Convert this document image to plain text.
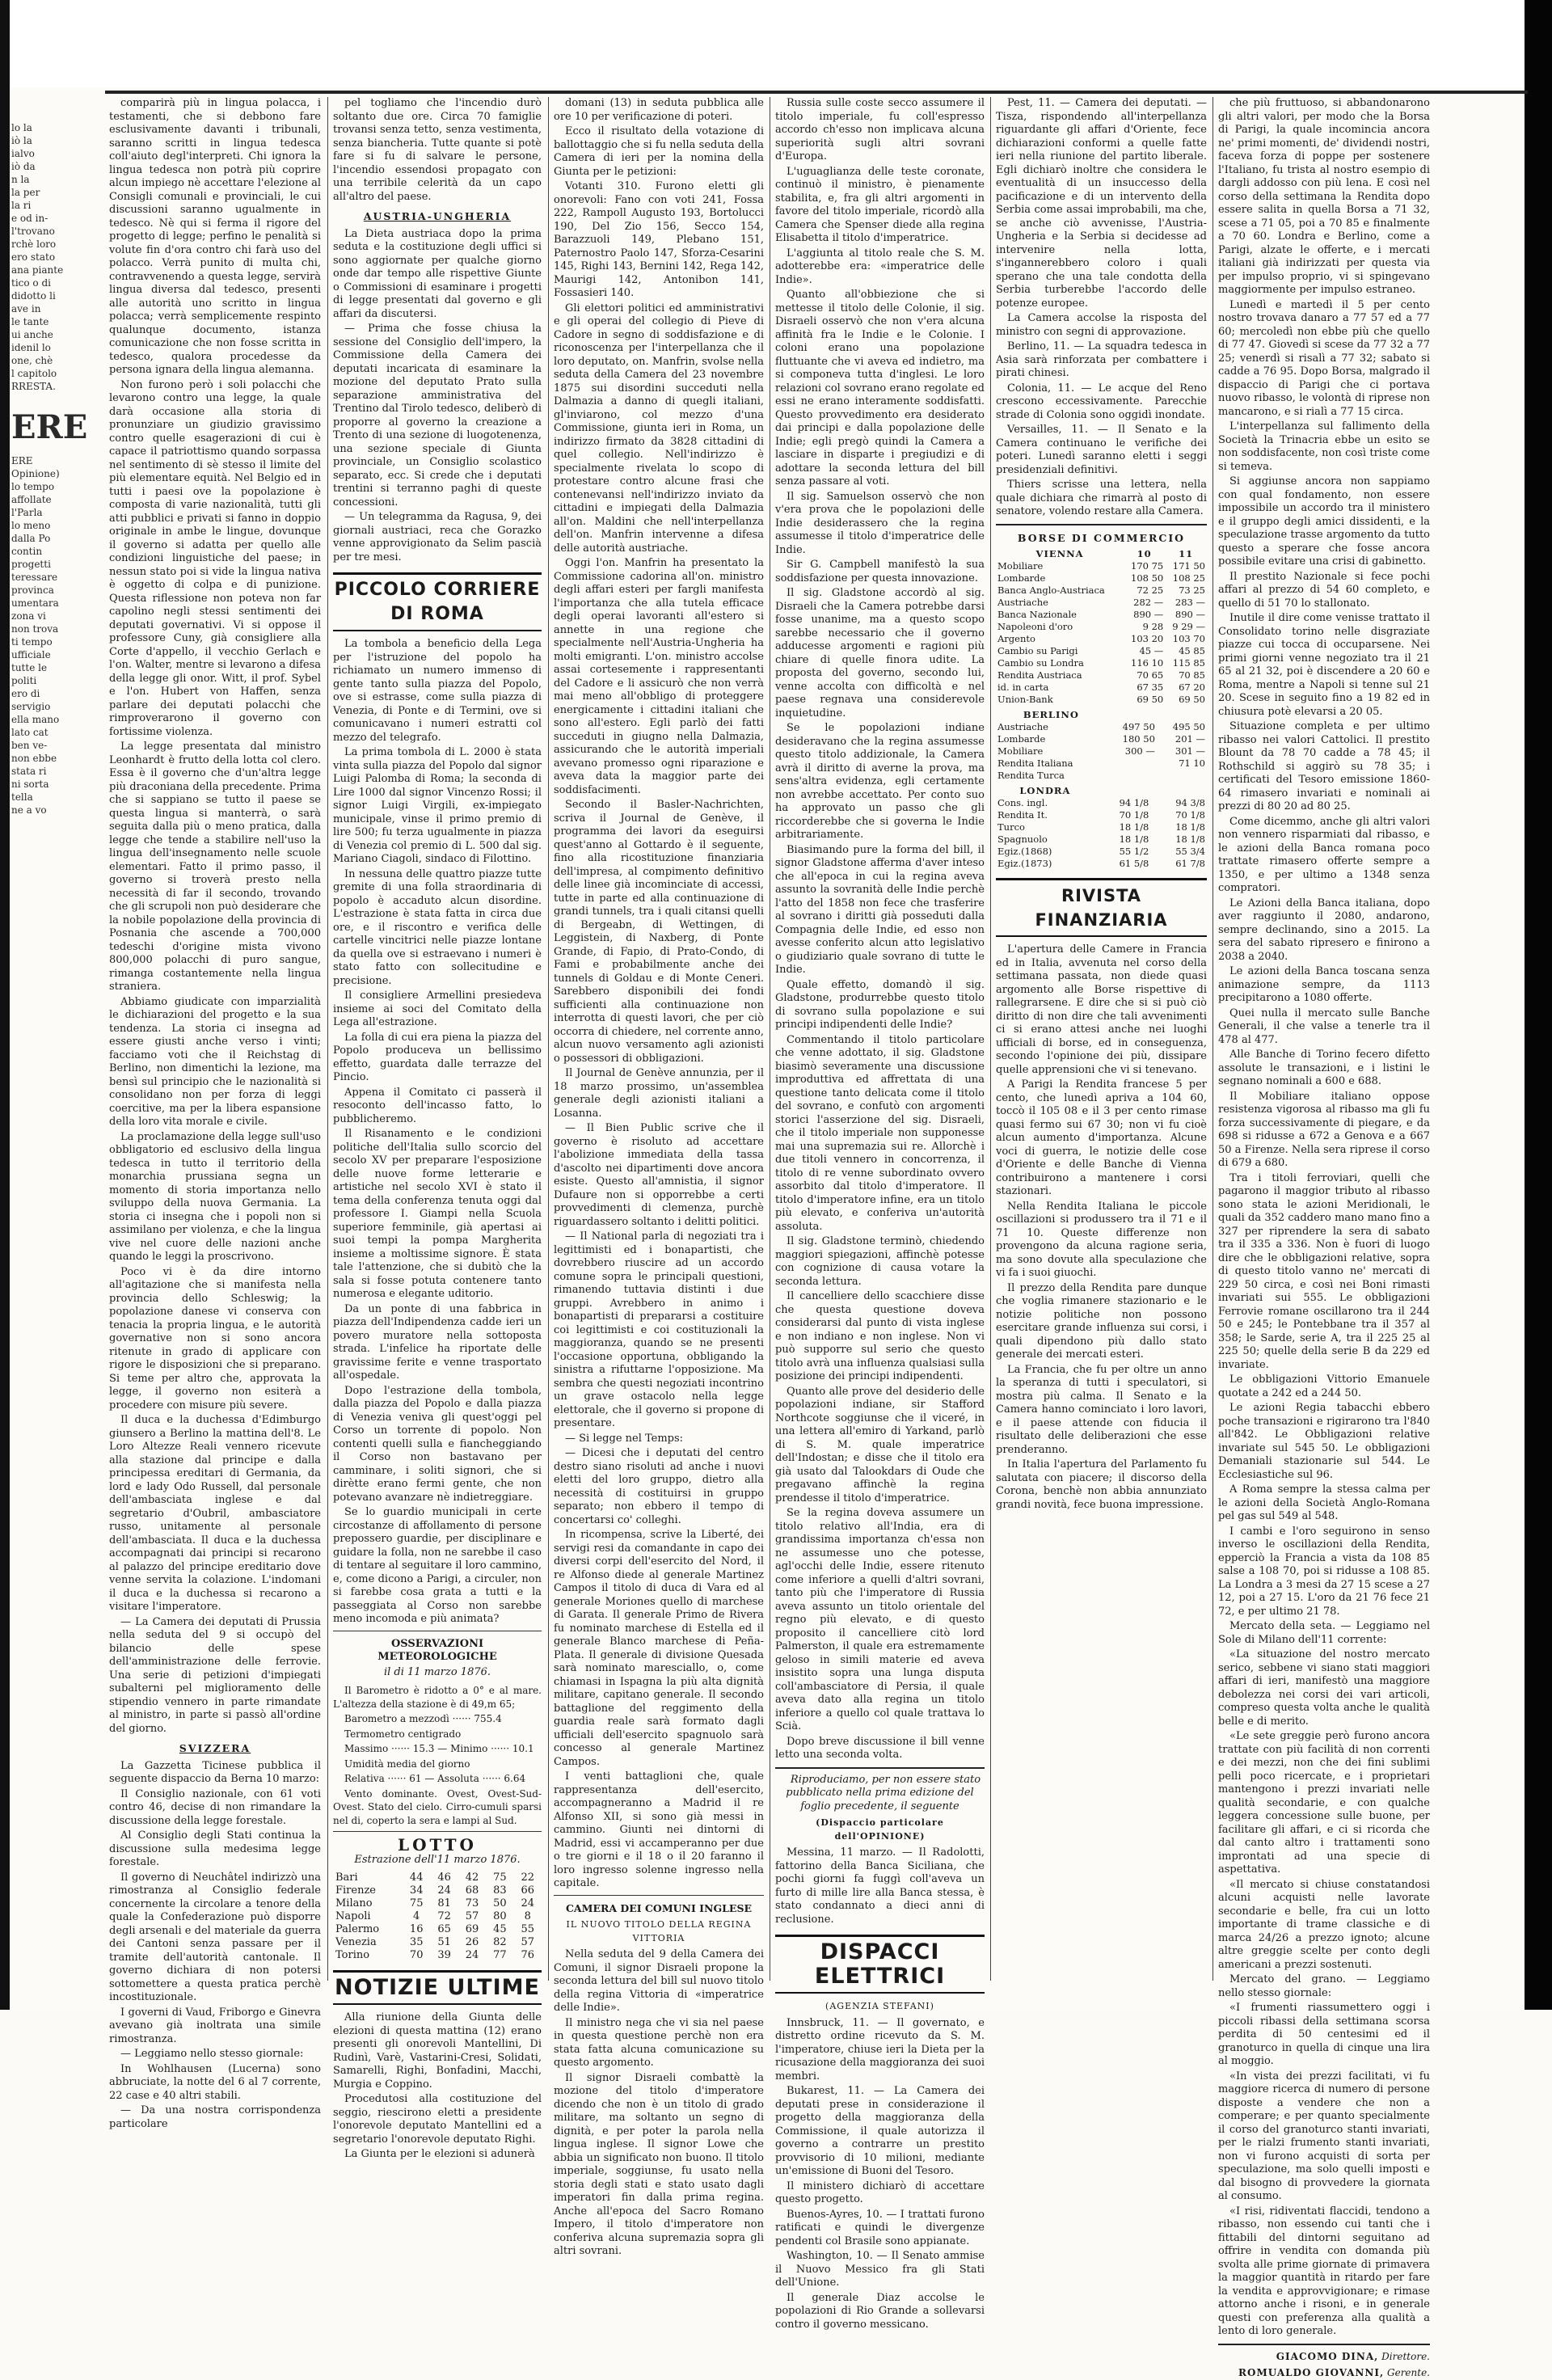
lo la
iò la
ialvo
iò da
n la
la per
la ri
e od in-
l'trovano
rchè loro
ero stato
ana piante
tico o di
didotto li
ave in
le tante
ui anche
idenil lo
one, chè
l capitolo
RRESTA.
ERE
ERE
Opinione)
lo tempo
affollate
l'Parla
lo meno
dalla Po
contin
progetti
teressare
provinca
umentara
zona vi
non trova
ti tempo
ufficiale
tutte le
politi
ero di
servigio
ella mano
lato cat
ben ve-
non ebbe
stata ri
ni sorta
tella
ne a vo

comparirà più in lingua polacca, i testamenti, che si debbono fare esclusivamente davanti i tribunali, saranno scritti in lingua tedesca coll'aiuto degl'interpreti. Chi ignora la lingua tedesca non potrà più coprire alcun impiego nè accettare l'elezione al Consigli comunali e provinciali, le cui discussioni saranno ugualmente in tedesco. Nè qui si ferma il rigore del progetto di legge; perfino le penalità si volute fin d'ora contro chi farà uso del polacco. Verrà punito di multa chi, contravvenendo a questa legge, servirà lingua diversa dal tedesco, presenti alle autorità uno scritto in lingua polacca; verrà semplicemente respinto qualunque documento, istanza comunicazione che non fosse scritta in tedesco, qualora procedesse da persona ignara della lingua alemanna.

Non furono però i soli polacchi che levarono contro una legge, la quale darà occasione alla storia di pronunziare un giudizio gravissimo contro quelle esagerazioni di cui è capace il patriottismo quando sorpassa nel sentimento di sè stesso il limite del più elementare equità. Nel Belgio ed in tutti i paesi ove la popolazione è composta di varie nazionalità, tutti gli atti pubblici e privati si fanno in doppio originale in ambe le lingue, dovunque il governo si adatta per quello alle condizioni linguistiche del paese; in nessun stato poi si vide la lingua nativa è oggetto di colpa e di punizione. Questa riflessione non poteva non far capolino negli stessi sentimenti dei deputati governativi. Vi si oppose il professore Cuny, già consigliere alla Corte d'appello, il vecchio Gerlach e l'on. Walter, mentre si levarono a difesa della legge gli onor. Witt, il prof. Sybel e l'on. Hubert von Haffen, senza parlare dei deputati polacchi che rimproverarono il governo con fortissime violenza.

La legge presentata dal ministro Leonhardt è frutto della lotta col clero. Essa è il governo che d'un'altra legge più draconiana della precedente. Prima che si sappiano se tutto il paese se questa lingua si manterrà, o sarà seguita dalla più o meno pratica, dalla legge che tende a stabilire nell'uso la lingua dell'insegnamento nelle scuole elementari. Fatto il primo passo, il governo si troverà presto nella necessità di far il secondo, trovando che gli scrupoli non può desiderare che la nobile popolazione della provincia di Posnania che ascende a 700,000 tedeschi d'origine mista vivono 800,000 polacchi di puro sangue, rimanga costantemente nella lingua straniera.

Abbiamo giudicate con imparzialità le dichiarazioni del progetto e la sua tendenza. La storia ci insegna ad essere giusti anche verso i vinti; facciamo voti che il Reichstag di Berlino, non dimentichi la lezione, ma bensì sul principio che le nazionalità si consolidano non per forza di leggi coercitive, ma per la libera espansione della loro vita morale e civile.

La proclamazione della legge sull'uso obbligatorio ed esclusivo della lingua tedesca in tutto il territorio della monarchia prussiana segna un momento di storia importanza nello sviluppo della nuova Germania. La storia ci insegna che i popoli non si assimilano per violenza, e che la lingua vive nel cuore delle nazioni anche quando le leggi la proscrivono.

Poco vi è da dire intorno all'agitazione che si manifesta nella provincia dello Schleswig; la popolazione danese vi conserva con tenacia la propria lingua, e le autorità governative non si sono ancora ritenute in grado di applicare con rigore le disposizioni che si preparano. Si teme per altro che, approvata la legge, il governo non esiterà a procedere con misure più severe.

Il duca e la duchessa d'Edimburgo giunsero a Berlino la mattina dell'8. Le Loro Altezze Reali vennero ricevute alla stazione dal principe e dalla principessa ereditari di Germania, da lord e lady Odo Russell, dal personale dell'ambasciata inglese e dal segretario d'Oubril, ambasciatore russo, unitamente al personale dell'ambasciata. Il duca e la duchessa accompagnati dai principi si recarono al palazzo del principe ereditario dove venne servita la colazione. L'indomani il duca e la duchessa si recarono a visitare l'imperatore.

— La Camera dei deputati di Prussia nella seduta del 9 si occupò del bilancio delle spese dell'amministrazione delle ferrovie. Una serie di petizioni d'impiegati subalterni pel miglioramento delle stipendio vennero in parte rimandate al ministro, in parte si passò all'ordine del giorno.

SVIZZERA

La Gazzetta Ticinese pubblica il seguente dispaccio da Berna 10 marzo:

Il Consiglio nazionale, con 61 voti contro 46, decise di non rimandare la discussione della legge forestale.

Al Consiglio degli Stati continua la discussione sulla medesima legge forestale.

Il governo di Neuchâtel indirizzò una rimostranza al Consiglio federale concernente la circolare a tenore della quale la Confederazione può disporre degli arsenali e del materiale da guerra dei Cantoni senza passare per il tramite dell'autorità cantonale. Il governo dichiara di non potersi sottomettere a questa pratica perchè incostituzionale.

I governi di Vaud, Friborgo e Ginevra avevano già inoltrata una simile rimostranza.

— Leggiamo nello stesso giornale:

In Wohlhausen (Lucerna) sono abbruciate, la notte del 6 al 7 corrente, 22 case e 40 altri stabili.

— Da una nostra corrispondenza particolare

pel togliamo che l'incendio durò soltanto due ore. Circa 70 famiglie trovansi senza tetto, senza vestimenta, senza biancheria. Tutte quante si potè fare si fu di salvare le persone, l'incendio essendosi propagato con una terribile celerità da un capo all'altro del paese.

AUSTRIA-UNGHERIA

La Dieta austriaca dopo la prima seduta e la costituzione degli uffici si sono aggiornate per qualche giorno onde dar tempo alle rispettive Giunte o Commissioni di esaminare i progetti di legge presentati dal governo e gli affari da discutersi.

— Prima che fosse chiusa la sessione del Consiglio dell'impero, la Commissione della Camera dei deputati incaricata di esaminare la mozione del deputato Prato sulla separazione amministrativa del Trentino dal Tirolo tedesco, deliberò di proporre al governo la creazione a Trento di una sezione di luogotenenza, una sezione speciale di Giunta provinciale, un Consiglio scolastico separato, ecc. Si crede che i deputati trentini si terranno paghi di queste concessioni.

— Un telegramma da Ragusa, 9, dei giornali austriaci, reca che Gorazko venne approvigionato da Selim pascià per tre mesi.

PICCOLO CORRIERE DI ROMA

La tombola a beneficio della Lega per l'istruzione del popolo ha richiamato un numero immenso di gente tanto sulla piazza del Popolo, ove si estrasse, come sulla piazza di Venezia, di Ponte e di Termini, ove si comunicavano i numeri estratti col mezzo del telegrafo.

La prima tombola di L. 2000 è stata vinta sulla piazza del Popolo dal signor Luigi Palomba di Roma; la seconda di Lire 1000 dal signor Vincenzo Rossi; il signor Luigi Virgili, ex-impiegato municipale, vinse il primo premio di lire 500; fu terza ugualmente in piazza di Venezia col premio di L. 500 dal sig. Mariano Ciagoli, sindaco di Filottino.

In nessuna delle quattro piazze tutte gremite di una folla straordinaria di popolo è accaduto alcun disordine. L'estrazione è stata fatta in circa due ore, e il riscontro e verifica delle cartelle vincitrici nelle piazze lontane da quella ove si estraevano i numeri è stato fatto con sollecitudine e precisione.

Il consigliere Armellini presiedeva insieme ai soci del Comitato della Lega all'estrazione.

La folla di cui era piena la piazza del Popolo produceva un bellissimo effetto, guardata dalle terrazze del Pincio.

Appena il Comitato ci passerà il resoconto dell'incasso fatto, lo pubblicheremo.

Il Risanamento e le condizioni politiche dell'Italia sullo scorcio del secolo XV per preparare l'esposizione delle nuove forme letterarie e artistiche nel secolo XVI è stato il tema della conferenza tenuta oggi dal professore I. Giampi nella Scuola superiore femminile, già apertasi ai suoi tempi la pompa Margherita insieme a moltissime signore. È stata tale l'attenzione, che si dubitò che la sala si fosse potuta contenere tanto numerosa e elegante uditorio.

Da un ponte di una fabbrica in piazza dell'Indipendenza cadde ieri un povero muratore nella sottoposta strada. L'infelice ha riportate delle gravissime ferite e venne trasportato all'ospedale.

Dopo l'estrazione della tombola, dalla piazza del Popolo e dalla piazza di Venezia veniva gli quest'oggi pel Corso un torrente di popolo. Non contenti quelli sulla e fiancheggiando il Corso non bastavano per camminare, i soliti signori, che si dirètte erano fermi gente, che non potevano avanzare nè indietreggiare.

Se lo guardio municipali in certe circostanze di affollamento di persone prepossero guardie, per disciplinare e guidare la folla, non ne sarebbe il caso di tentare al seguitare il loro cammino, e, come dicono a Parigi, a circuler, non si farebbe cosa grata a tutti e la passeggiata al Corso non sarebbe meno incomoda e più animata?

OSSERVAZIONI METEOROLOGICHE
il di 11 marzo 1876.

Il Barometro è ridotto a 0° e al mare. L'altezza della stazione è di 49,m 65;

Barometro a mezzodì ······ 755.4

Termometro centigrado

Massimo ······ 15.3 — Minimo ······ 10.1

Umidità media del giorno

Relativa ······ 61 — Assoluta ······ 6.64

Vento dominante. Ovest, Ovest-Sud-Ovest. Stato del cielo. Cirro-cumuli sparsi nel di, coperto la sera e lampi al Sud.

LOTTO
Estrazione dell'11 marzo 1876.
Bari	44	46	42	75	22
Firenze	34	24	68	83	66
Milano	75	81	73	50	24
Napoli	4	72	57	80	8
Palermo	16	65	69	45	55
Venezia	35	51	26	82	57
Torino	70	39	24	77	76
NOTIZIE ULTIME

Alla riunione della Giunta delle elezioni di questa mattina (12) erano presenti gli onorevoli Mantellini, Di Rudinì, Varè, Vastarini-Cresi, Solidati, Samarelli, Righi, Bonfadini, Macchi, Murgia e Coppino.

Procedutosi alla costituzione del seggio, riescirono eletti a presidente l'onorevole deputato Mantellini ed a segretario l'onorevole deputato Righi.

La Giunta per le elezioni si adunerà

domani (13) in seduta pubblica alle ore 10 per verificazione di poteri.

Ecco il risultato della votazione di ballottaggio che si fu nella seduta della Camera di ieri per la nomina della Giunta per le petizioni:

Votanti 310. Furono eletti gli onorevoli: Fano con voti 241, Fossa 222, Rampoll Augusto 193, Bortolucci 190, Del Zio 156, Secco 154, Barazzuoli 149, Plebano 151, Paternostro Paolo 147, Sforza-Cesarini 145, Righi 143, Bernini 142, Rega 142, Maurigi 142, Antonibon 141, Fossasieri 140.

Gli elettori politici ed amministrativi e gli operai del collegio di Pieve di Cadore in segno di soddisfazione e di riconoscenza per l'interpellanza che il loro deputato, on. Manfrin, svolse nella seduta della Camera del 23 novembre 1875 sui disordini succeduti nella Dalmazia a danno di quegli italiani, gl'inviarono, col mezzo d'una Commissione, giunta ieri in Roma, un indirizzo firmato da 3828 cittadini di quel collegio. Nell'indirizzo è specialmente rivelata lo scopo di protestare contro alcune frasi che contenevansi nell'indirizzo inviato da cittadini e impiegati della Dalmazia all'on. Maldini che nell'interpellanza dell'on. Manfrin intervenne a difesa delle autorità austriache.

Oggi l'on. Manfrin ha presentato la Commissione cadorina all'on. ministro degli affari esteri per fargli manifesta l'importanza che alla tutela efficace degli operai lavoranti all'estero si annette in una regione che specialmente nell'Austria-Ungheria ha molti emigranti. L'on. ministro accolse assai cortesemente i rappresentanti del Cadore e li assicurò che non verrà mai meno all'obbligo di proteggere energicamente i cittadini italiani che sono all'estero. Egli parlò dei fatti succeduti in giugno nella Dalmazia, assicurando che le autorità imperiali avevano promesso ogni riparazione e aveva data la maggior parte dei soddisfacimenti.

Secondo il Basler-Nachrichten, scriva il Journal de Genève, il programma dei lavori da eseguirsi quest'anno al Gottardo è il seguente, fino alla ricostituzione finanziaria dell'impresa, al compimento definitivo delle linee già incominciate di accessi, tutte in parte ed alla continuazione di grandi tunnels, tra i quali citansi quelli di Bergeabn, di Wettingen, di Leggistein, di Naxberg, di Ponte Grande, di Fapio, di Prato-Condo, di Fami e probabilmente anche dei tunnels di Goldau e di Monte Ceneri. Sarebbero disponibili dei fondi sufficienti alla continuazione non interrotta di questi lavori, che per ciò occorra di chiedere, nel corrente anno, alcun nuovo versamento agli azionisti o possessori di obbligazioni.

Il Journal de Genève annunzia, per il 18 marzo prossimo, un'assemblea generale degli azionisti italiani a Losanna.

— Il Bien Public scrive che il governo è risoluto ad accettare l'abolizione immediata della tassa d'ascolto nei dipartimenti dove ancora esiste. Questo all'amnistia, il signor Dufaure non si opporrebbe a certi provvedimenti di clemenza, purchè riguardassero soltanto i delitti politici.

— Il National parla di negoziati tra i legittimisti ed i bonapartisti, che dovrebbero riuscire ad un accordo comune sopra le principali questioni, rimanendo tuttavia distinti i due gruppi. Avrebbero in animo i bonapartisti di prepararsi a costituire coi legittimisti e coi costituzionali la maggioranza, quando se ne presenti l'occasione opportuna, obbligando la sinistra a rifuttarne l'opposizione. Ma sembra che questi negoziati incontrino un grave ostacolo nella legge elettorale, che il governo si propone di presentare.

— Si legge nel Temps:

— Dicesi che i deputati del centro destro siano risoluti ad anche i nuovi eletti del loro gruppo, dietro alla necessità di costituirsi in gruppo separato; non ebbero il tempo di concertarsi co' colleghi.

In ricompensa, scrive la Liberté, dei servigi resi da comandante in capo dei diversi corpi dell'esercito del Nord, il re Alfonso diede al generale Martinez Campos il titolo di duca di Vara ed al generale Moriones quello di marchese di Garata. Il generale Primo de Rivera fu nominato marchese di Estella ed il generale Blanco marchese di Peña-Plata. Il generale di divisione Quesada sarà nominato maresciallo, o, come chiamasi in Ispagna la più alta dignità militare, capitano generale. Il secondo battaglione del reggimento della guardia reale sarà formato dagli ufficiali dell'esercito spagnuolo sarà concesso al generale Martinez Campos.

I venti battaglioni che, quale rappresentanza dell'esercito, accompagneranno a Madrid il re Alfonso XII, si sono già messi in cammino. Giunti nei dintorni di Madrid, essi vi accamperanno per due o tre giorni e il 18 o il 20 faranno il loro ingresso solenne ingresso nella capitale.

CAMERA DEI COMUNI INGLESE
IL NUOVO TITOLO DELLA REGINA VITTORIA

Nella seduta del 9 della Camera dei Comuni, il signor Disraeli propone la seconda lettura del bill sul nuovo titolo della regina Vittoria di «imperatrice delle Indie».

Il ministro nega che vi sia nel paese in questa questione perchè non era stata fatta alcuna comunicazione su questo argomento.

Il signor Disraeli combattè la mozione del titolo d'imperatore dicendo che non è un titolo di grado militare, ma soltanto un segno di dignità, e per poter la parola nella lingua inglese. Il signor Lowe che abbia un significato non buono. Il titolo imperiale, soggiunse, fu usato nella storia degli stati e stato usato dagli imperatori fin dalla prima regina. Anche all'epoca del Sacro Romano Impero, il titolo d'imperatore non conferiva alcuna supremazia sopra gli altri sovrani.

Russia sulle coste secco assumere il titolo imperiale, fu coll'espresso accordo ch'esso non implicava alcuna superiorità sugli altri sovrani d'Europa.

L'uguaglianza delle teste coronate, continuò il ministro, è pienamente stabilita, e, fra gli altri argomenti in favore del titolo imperiale, ricordò alla Camera che Spenser diede alla regina Elisabetta il titolo d'imperatrice.

L'aggiunta al titolo reale che S. M. adotterebbe era: «imperatrice delle Indie».

Quanto all'obbiezione che si mettesse il titolo delle Colonie, il sig. Disraeli osservò che non v'era alcuna affinità fra le Indie e le Colonie. I coloni erano una popolazione fluttuante che vi aveva ed indietro, ma si componeva tutta d'inglesi. Le loro relazioni col sovrano erano regolate ed essi ne erano interamente soddisfatti. Questo provvedimento era desiderato dai principi e dalla popolazione delle Indie; egli pregò quindi la Camera a lasciare in disparte i pregiudizi e di adottare la seconda lettura del bill senza passare al voti.

Il sig. Samuelson osservò che non v'era prova che le popolazioni delle Indie desiderassero che la regina assumesse il titolo d'imperatrice delle Indie.

Sir G. Campbell manifestò la sua soddisfazione per questa innovazione.

Il sig. Gladstone accordò al sig. Disraeli che la Camera potrebbe darsi fosse unanime, ma a questo scopo sarebbe necessario che il governo adducesse argomenti e ragioni più chiare di quelle finora udite. La proposta del governo, secondo lui, venne accolta con difficoltà e nel paese regnava una considerevole inquietudine.

Se le popolazioni indiane desideravano che la regina assumesse questo titolo addizionale, la Camera avrà il diritto di averne la prova, ma sens'altra evidenza, egli certamente non avrebbe accettato. Per conto suo ha approvato un passo che gli riccorderebbe che si governa le Indie arbitrariamente.

Biasimando pure la forma del bill, il signor Gladstone afferma d'aver inteso che all'epoca in cui la regina aveva assunto la sovranità delle Indie perchè l'atto del 1858 non fece che trasferire al sovrano i diritti già posseduti dalla Compagnia delle Indie, ed esso non avesse conferito alcun atto legislativo o giudiziario quale sovrano di tutte le Indie.

Quale effetto, domandò il sig. Gladstone, produrrebbe questo titolo di sovrano sulla popolazione e sui principi indipendenti delle Indie?

Commentando il titolo particolare che venne adottato, il sig. Gladstone biasimò severamente una discussione improduttiva ed affrettata di una questione tanto delicata come il titolo del sovrano, e confutò con argomenti storici l'asserzione del sig. Disraeli, che il titolo imperiale non supponesse mai una supremazia sui re. Allorchè i due titoli vennero in concorrenza, il titolo di re venne subordinato ovvero assorbito dal titolo d'imperatore. Il titolo d'imperatore infine, era un titolo più elevato, e conferiva un'autorità assoluta.

Il sig. Gladstone terminò, chiedendo maggiori spiegazioni, affinchè potesse con cognizione di causa votare la seconda lettura.

Il cancelliere dello scacchiere disse che questa questione doveva considerarsi dal punto di vista inglese e non indiano e non inglese. Non vi può supporre sul serio che questo titolo avrà una influenza qualsiasi sulla posizione dei principi indipendenti.

Quanto alle prove del desiderio delle popolazioni indiane, sir Stafford Northcote soggiunse che il viceré, in una lettera all'emiro di Yarkand, parlò di S. M. quale imperatrice dell'Indostan; e disse che il titolo era già usato dal Talookdars di Oude che pregavano affinchè la regina prendesse il titolo d'imperatrice.

Se la regina doveva assumere un titolo relativo all'India, era di grandissima importanza ch'essa non ne assumesse uno che potesse, agl'occhi delle Indie, essere ritenuto come inferiore a quelli d'altri sovrani, tanto più che l'imperatore di Russia aveva assunto un titolo orientale del regno più elevato, e di questo proposito il cancelliere citò lord Palmerston, il quale era estremamente geloso in simili materie ed aveva insistito sopra una lunga disputa coll'ambasciatore di Persia, il quale aveva dato alla regina un titolo inferiore a quello col quale trattava lo Scià.

Dopo breve discussione il bill venne letto una seconda volta.

Riproduciamo, per non essere stato pubblicato nella prima edizione del foglio precedente, il seguente

(Dispaccio particolare dell'OPINIONE)

Messina, 11 marzo. — Il Radolotti, fattorino della Banca Siciliana, che pochi giorni fa fuggì coll'aveva un furto di mille lire alla Banca stessa, è stato condannato a dieci anni di reclusione.

DISPACCI ELETTRICI
(AGENZIA STEFANI)

Innsbruck, 11. — Il governato, e distretto ordine ricevuto da S. M. l'imperatore, chiuse ieri la Dieta per la ricusazione della maggioranza dei suoi membri.

Bukarest, 11. — La Camera dei deputati prese in considerazione il progetto della maggioranza della Commissione, il quale autorizza il governo a contrarre un prestito provvisorio di 10 milioni, mediante un'emissione di Buoni del Tesoro.

Il ministero dichiarò di accettare questo progetto.

Buenos-Ayres, 10. — I trattati furono ratificati e quindi le divergenze pendenti col Brasile sono appianate.

Washington, 10. — Il Senato ammise il Nuovo Messico fra gli Stati dell'Unione.

Il generale Diaz accolse le popolazioni di Rio Grande a sollevarsi contro il governo messicano.

Pest, 11. — Camera dei deputati. — Tisza, rispondendo all'interpellanza riguardante gli affari d'Oriente, fece dichiarazioni conformi a quelle fatte ieri nella riunione del partito liberale. Egli dichiarò inoltre che considera le eventualità di un insuccesso della pacificazione e di un intervento della Serbia come assai improbabili, ma che, se anche ciò avvenisse, l'Austria-Ungheria e la Serbia si decidesse ad intervenire nella lotta, s'ingannerebbero coloro i quali sperano che una tale condotta della Serbia turberebbe l'accordo delle potenze europee.

La Camera accolse la risposta del ministro con segni di approvazione.

Berlino, 11. — La squadra tedesca in Asia sarà rinforzata per combattere i pirati chinesi.

Colonia, 11. — Le acque del Reno crescono eccessivamente. Parecchie strade di Colonia sono oggidì inondate.

Versailles, 11. — Il Senato e la Camera continuano le verifiche dei poteri. Lunedì saranno eletti i seggi presidenziali definitivi.

Thiers scrisse una lettera, nella quale dichiara che rimarrà al posto di senatore, volendo restare alla Camera.

BORSE DI COMMERCIO
VIENNA	10	11
Mobiliare	170 75	171 50
Lombarde	108 50	108 25
Banca Anglo-Austriaca	72 25	73 25
Austriache	282 —	283 —
Banca Nazionale	890 —	890 —
Napoleoni d'oro	9 28	9 29 —
Argento	103 20	103 70
Cambio su Parigi	45 —	45 85
Cambio su Londra	116 10	115 85
Rendita Austriaca	70 65	70 85
id. in carta	67 35	67 20
Union-Bank	69 50	69 50
BERLINO		
Austriache	497 50	495 50
Lombarde	180 50	201 —
Mobiliare	300 —	301 —
Rendita Italiana		71 10
Rendita Turca		
LONDRA		
Cons. ingl.	94 1/8	94 3/8
Rendita It.	70 1/8	70 1/8
Turco	18 1/8	18 1/8
Spagnuolo	18 1/8	18 1/8
Egiz.(1868)	55 1/2	55 3/4
Egiz.(1873)	61 5/8	61 7/8
RIVISTA FINANZIARIA

L'apertura delle Camere in Francia ed in Italia, avvenuta nel corso della settimana passata, non diede quasi argomento alle Borse rispettive di rallegrarsene. E dire che si si può ciò diritto di non dire che tali avvenimenti ci si erano attesi anche nei luoghi ufficiali di borse, ed in conseguenza, secondo l'opinione dei più, dissipare quelle apprensioni che vi si tenevano.

A Parigi la Rendita francese 5 per cento, che lunedì apriva a 104 60, toccò il 105 08 e il 3 per cento rimase quasi fermo sui 67 30; non vi fu cioè alcun aumento d'importanza. Alcune voci di guerra, le notizie delle cose d'Oriente e delle Banche di Vienna contribuirono a mantenere i corsi stazionari.

Nella Rendita Italiana le piccole oscillazioni si produssero tra il 71 e il 71 10. Queste differenze non provengono da alcuna ragione seria, ma sono dovute alla speculazione che vi fa i suoi giuochi.

Il prezzo della Rendita pare dunque che voglia rimanere stazionario e le notizie politiche non possono esercitare grande influenza sui corsi, i quali dipendono più dallo stato generale dei mercati esteri.

La Francia, che fu per oltre un anno la speranza di tutti i speculatori, si mostra più calma. Il Senato e la Camera hanno cominciato i loro lavori, e il paese attende con fiducia il risultato delle deliberazioni che esse prenderanno.

In Italia l'apertura del Parlamento fu salutata con piacere; il discorso della Corona, benchè non abbia annunziato grandi novità, fece buona impressione.

che più fruttuoso, si abbandonarono gli altri valori, per modo che la Borsa di Parigi, la quale incomincia ancora ne' primi momenti, de' dividendi nostri, faceva forza di poppe per sostenere l'Italiano, fu trista al nostro esempio di dargli addosso con più lena. E così nel corso della settimana la Rendita dopo essere salita in quella Borsa a 71 32, scese a 71 05, poi a 70 85 e finalmente a 70 60. Londra e Berlino, come a Parigi, alzate le offerte, e i mercati italiani già indirizzati per questa via per impulso proprio, vi si spingevano maggiormente per impulso estraneo.

Lunedì e martedì il 5 per cento nostro trovava danaro a 77 57 ed a 77 60; mercoledì non ebbe più che quello di 77 47. Giovedì si scese da 77 32 a 77 25; venerdì si risalì a 77 32; sabato si cadde a 76 95. Dopo Borsa, malgrado il dispaccio di Parigi che ci portava nuovo ribasso, le volontà di riprese non mancarono, e si rialì a 77 15 circa.

L'interpellanza sul fallimento della Società la Trinacria ebbe un esito se non soddisfacente, non così triste come si temeva.

Si aggiunse ancora non sappiamo con qual fondamento, non essere impossibile un accordo tra il ministero e il gruppo degli amici dissidenti, e la speculazione trasse argomento da tutto questo a sperare che fosse ancora possibile evitare una crisi di gabinetto.

Il prestito Nazionale si fece pochi affari al prezzo di 54 60 completo, e quello di 51 70 lo stallonato.

Inutile il dire come venisse trattato il Consolidato torino nelle disgraziate piazze cui tocca di occuparsene. Nei primi giorni venne negoziato tra il 21 65 al 21 32, poi è discendere a 20 60 e Roma, mentre a Napoli si tenne sul 21 20. Scese in seguito fino a 19 82 ed in chiusura potè elevarsi a 20 05.

Situazione completa e per ultimo ribasso nei valori Cattolici. Il prestito Blount da 78 70 cadde a 78 45; il Rothschild si aggirò su 78 35; i certificati del Tesoro emissione 1860-64 rimasero invariati e nominali ai prezzi di 80 20 ad 80 25.

Come dicemmo, anche gli altri valori non vennero risparmiati dal ribasso, e le azioni della Banca romana poco trattate rimasero offerte sempre a 1350, e per ultimo a 1348 senza compratori.

Le Azioni della Banca italiana, dopo aver raggiunto il 2080, andarono, sempre declinando, sino a 2015. La sera del sabato ripresero e finirono a 2038 a 2040.

Le azioni della Banca toscana senza animazione sempre, da 1113 precipitarono a 1080 offerte.

Quei nulla il mercato sulle Banche Generali, il che valse a tenerle tra il 478 al 477.

Alle Banche di Torino fecero difetto assolute le transazioni, e i listini le segnano nominali a 600 e 688.

Il Mobiliare italiano oppose resistenza vigorosa al ribasso ma gli fu forza successivamente di piegare, e da 698 si ridusse a 672 a Genova e a 667 50 a Firenze. Nella sera riprese il corso di 679 a 680.

Tra i titoli ferroviari, quelli che pagarono il maggior tributo al ribasso sono stata le azioni Meridionali, le quali da 352 caddero mano mano fino a 327 per riprendere la sera di sabato tra il 335 a 336. Non è fuori di luogo dire che le obbligazioni relative, sopra di questo titolo vanno ne' mercati di 229 50 circa, e così nei Boni rimasti invariati sui 555. Le obbligazioni Ferrovie romane oscillarono tra il 244 50 e 245; le Pontebbane tra il 357 al 358; le Sarde, serie A, tra il 225 25 al 225 50; quelle della serie B da 229 ed invariate.

Le obbligazioni Vittorio Emanuele quotate a 242 ed a 244 50.

Le azioni Regia tabacchi ebbero poche transazioni e rigirarono tra l'840 all'842. Le Obbligazioni relative invariate sul 545 50. Le obbligazioni Demaniali stazionarie sul 544. Le Ecclesiastiche sul 96.

A Roma sempre la stessa calma per le azioni della Società Anglo-Romana pel gas sul 549 al 548.

I cambi e l'oro seguirono in senso inverso le oscillazioni della Rendita, epperciò la Francia a vista da 108 85 salse a 108 70, poi si ridusse a 108 85. La Londra a 3 mesi da 27 15 scese a 27 12, poi a 27 15. L'oro da 21 76 fece 21 72, e per ultimo 21 78.

Mercato della seta. — Leggiamo nel Sole di Milano dell'11 corrente:

«La situazione del nostro mercato serico, sebbene vi siano stati maggiori affari di ieri, manifestò una maggiore debolezza nei corsi dei vari articoli, compreso questa volta anche le qualità belle e di merito.

«Le sete greggie però furono ancora trattate con più facilità di non correnti e dei mezzi, non che dei fini sublimi pelli poco ricercate, e i proprietari mantengono i prezzi invariati nelle qualità secondarie, e con qualche leggera concessione sulle buone, per facilitare gli affari, e ci si ricorda che dal canto altro i trattamenti sono improntati ad una specie di aspettativa.

«Il mercato si chiuse constatandosi alcuni acquisti nelle lavorate secondarie e belle, fra cui un lotto importante di trame classiche e di marca 24/26 a prezzo ignoto; alcune altre greggie scelte per conto degli americani a prezzi sostenuti.

Mercato del grano. — Leggiamo nello stesso giornale:

«I frumenti riassumettero oggi i piccoli ribassi della settimana scorsa perdita di 50 centesimi ed il granoturco in quella di cinque una lira al moggio.

«In vista dei prezzi facilitati, vi fu maggiore ricerca di numero di persone disposte a vendere che non a comperare; e per quanto specialmente il corso del granoturco stanti invariati, per le rialzi frumento stanti invariati, non vi furono acquisti di sorta per speculazione, ma solo quelli imposti e dal bisogno di provvedere la giornata al consumo.

«I risi, ridiventati flaccidi, tendono a ribasso, non essendo cui tanti che i fittabili del dintorni seguitano ad offrire in vendita con domanda più svolta alle prime giornate di primavera la maggior quantità in ritardo per fare la vendita e approvvigionare; e rimase attorno anche i risoni, e in generale questi con preferenza alla qualità a lento di loro generale.

GIACOMO DINA, Direttore.
ROMUALDO GIOVANNI, Gerente.
